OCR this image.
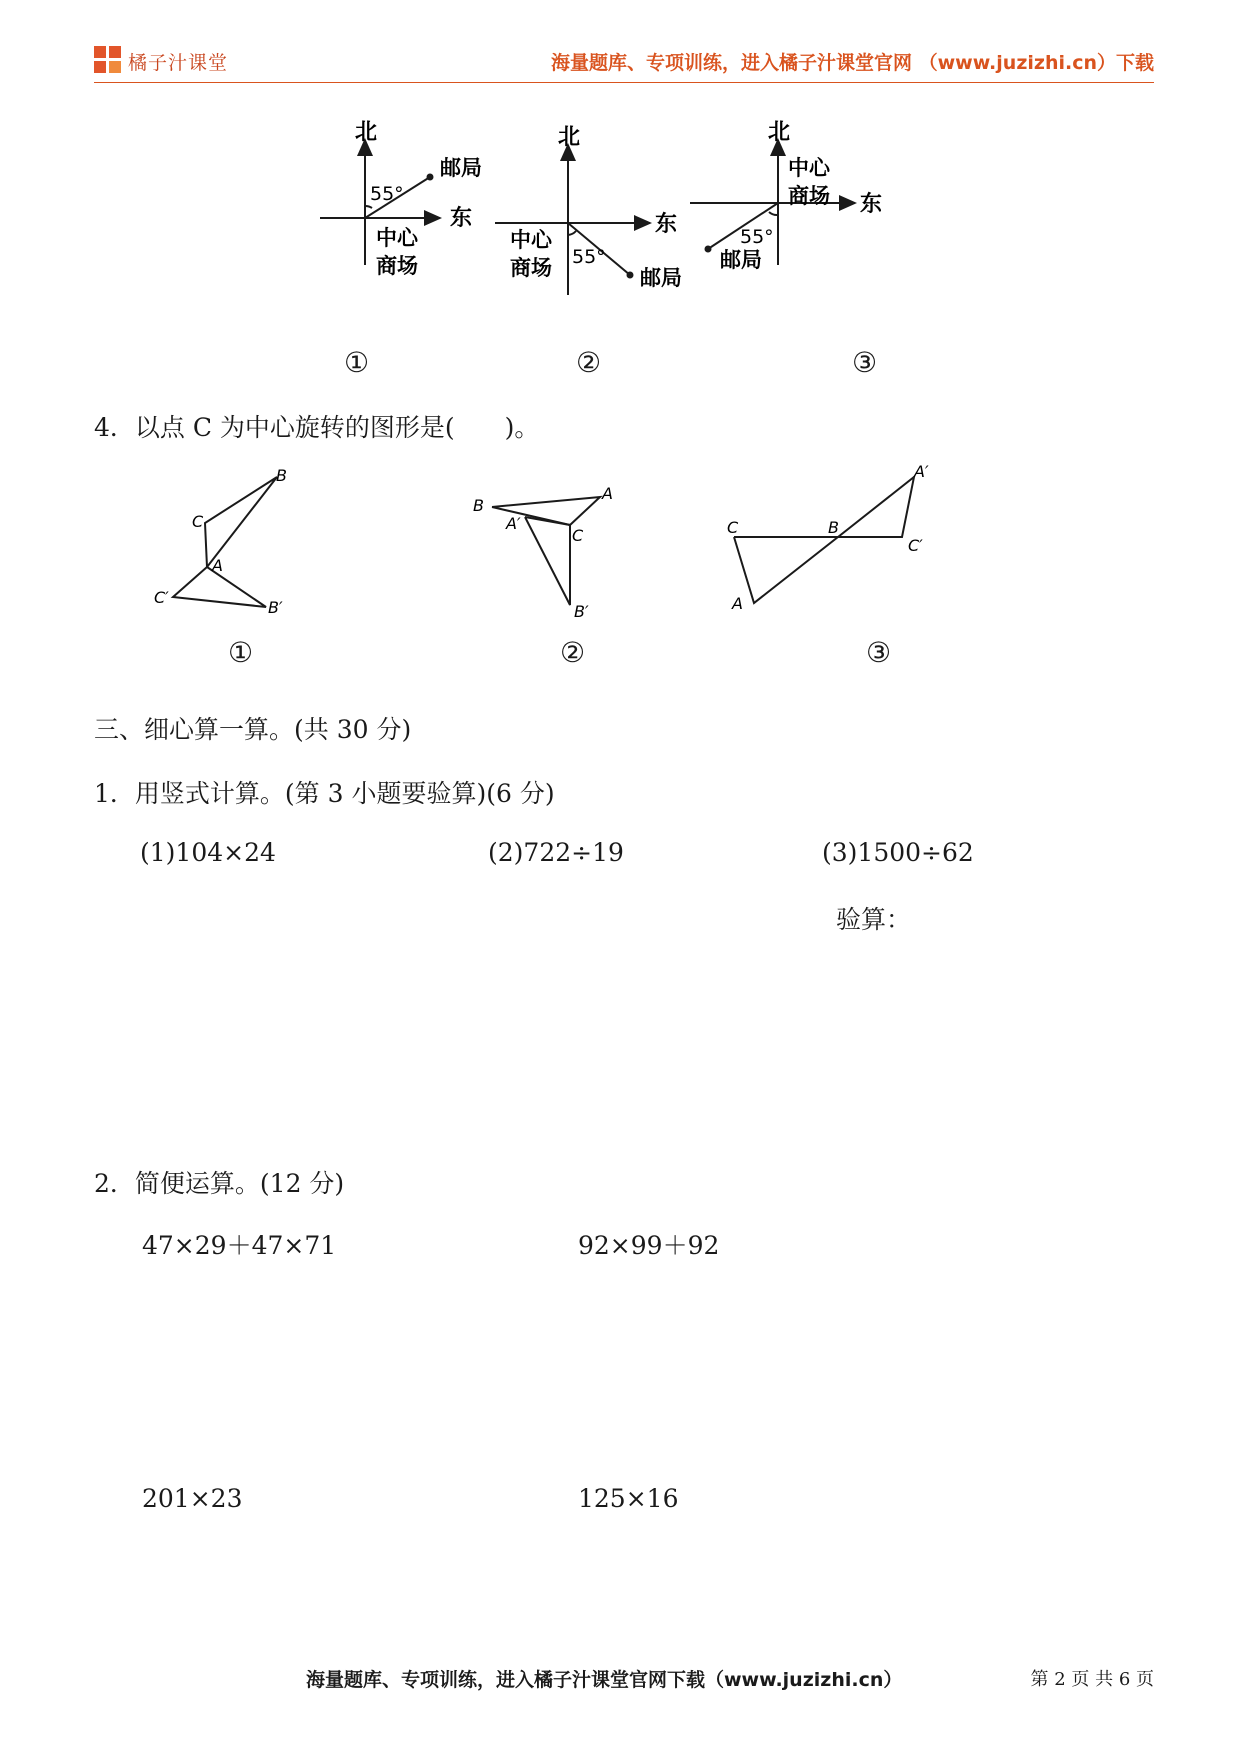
橘子汁课堂	海量题库、专项训练，进入橘子汁课堂官网 （www.juzizhi.cn）下载
北
东
55°
邮局
中心
商场
北
东
55°
邮局
中心
商场
北
东
55°
中心
商场
邮局
①	②	③
4．以点 C 为中心旋转的图形是(　　)。
B
C
A
C′
B′
B
A
A′
C
B′
C	B
A′
C′
A
①	②	③
三、细心算一算。(共 30 分)
1．用竖式计算。(第 3 小题要验算)(6 分)
(1)104×24	(2)722÷19	(3)1500÷62
验算：
2．简便运算。(12 分)
47×29＋47×71	92×99＋92
201×23	125×16
海量题库、专项训练，进入橘子汁课堂官网下载（www.juzizhi.cn）	第 2 页 共 6 页
